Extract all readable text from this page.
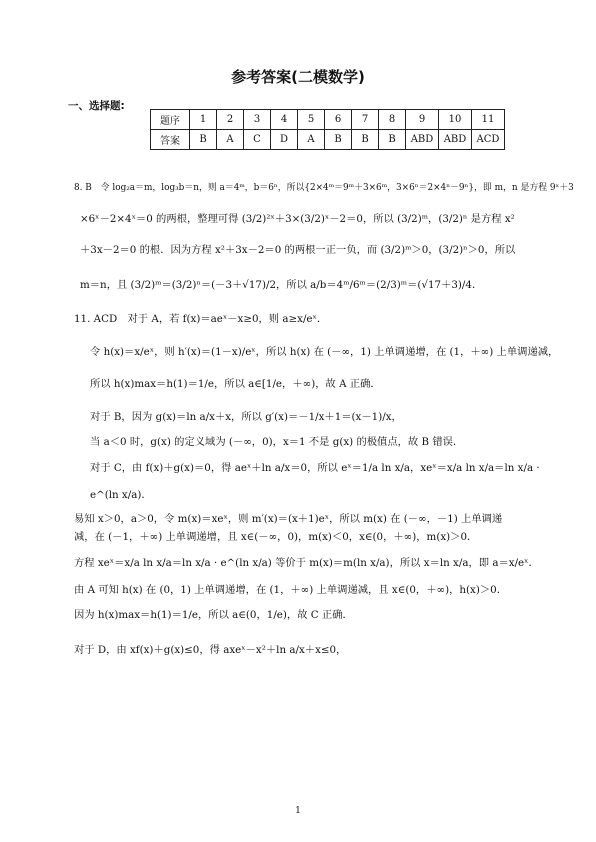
参考答案(二模数学)
一、选择题:
题序	1	2	3	4	5	6	7	8	9	10	11
答案	B	A	C	D	A	B	B	B	ABD	ABD	ACD
8. B　令 log₂a＝m，log₃b＝n，则 a＝4ᵐ，b＝6ⁿ，所以{2×4ᵐ＝9ᵐ＋3×6ᵐ，3×6ⁿ＝2×4ⁿ－9ⁿ}，即 m，n 是方程 9ˣ＋3
×6ˣ－2×4ˣ＝0 的两根，整理可得 (3/2)²ˣ＋3×(3/2)ˣ－2＝0，所以 (3/2)ᵐ，(3/2)ⁿ 是方程 x²
＋3x－2＝0 的根．因为方程 x²＋3x－2＝0 的两根一正一负，而 (3/2)ᵐ＞0，(3/2)ⁿ＞0，所以
m＝n，且 (3/2)ᵐ＝(3/2)ⁿ＝(－3＋√17)/2，所以 a/b＝4ᵐ/6ᵐ＝(2/3)ᵐ＝(√17＋3)/4．
11. ACD　对于 A，若 f(x)＝aeˣ－x≥0，则 a≥x/eˣ．
令 h(x)＝x/eˣ，则 h′(x)＝(1－x)/eˣ，所以 h(x) 在 (－∞，1) 上单调递增，在 (1，＋∞) 上单调递减，
所以 h(x)max＝h(1)＝1/e，所以 a∈[1/e，＋∞)，故 A 正确．
对于 B，因为 g(x)＝ln a/x＋x，所以 g′(x)＝－1/x＋1＝(x－1)/x，
当 a＜0 时，g(x) 的定义域为 (－∞，0)，x＝1 不是 g(x) 的极值点，故 B 错误．
对于 C，由 f(x)＋g(x)＝0，得 aeˣ＋ln a/x＝0，所以 eˣ＝1/a ln x/a，xeˣ＝x/a ln x/a＝ln x/a ·
e^(ln x/a)．
易知 x＞0，a＞0，令 m(x)＝xeˣ，则 m′(x)＝(x＋1)eˣ，所以 m(x) 在 (－∞，－1) 上单调递
减，在 (－1，＋∞) 上单调递增，且 x∈(－∞，0)，m(x)＜0，x∈(0，＋∞)，m(x)＞0．
方程 xeˣ＝x/a ln x/a＝ln x/a · e^(ln x/a) 等价于 m(x)＝m(ln x/a)，所以 x＝ln x/a，即 a＝x/eˣ．
由 A 可知 h(x) 在 (0，1) 上单调递增，在 (1，＋∞) 上单调递减，且 x∈(0，＋∞)，h(x)＞0．
因为 h(x)max＝h(1)＝1/e，所以 a∈(0，1/e)，故 C 正确．
对于 D，由 xf(x)＋g(x)≤0，得 axeˣ－x²＋ln a/x＋x≤0，
1
